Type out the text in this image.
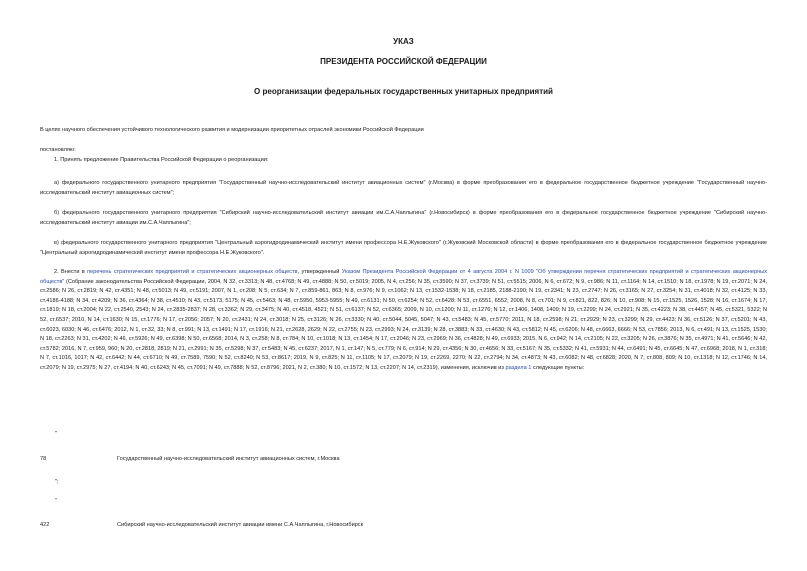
УКАЗ
ПРЕЗИДЕНТА РОССИЙСКОЙ ФЕДЕРАЦИИ
О реорганизации федеральных государственных унитарных предприятий
В целях научного обеспечения устойчивого технологического развития и модернизации приоритетных отраслей экономики Российской Федерации
постановляю:
1. Принять предложение Правительства Российской Федерации о реорганизации:
а) федерального государственного унитарного предприятия "Государственный научно-исследовательский институт авиационных систем" (г.Москва) в форме преобразования его в федеральное государственное бюджетное учреждение "Государственный научно-исследовательский институт авиационных систем";
б) федерального государственного унитарного предприятия "Сибирский научно-исследовательский институт авиации им.С.А.Чаплыгина" (г.Новосибирск) в форме преобразования его в федеральное государственное бюджетное учреждение "Сибирский научно-исследовательский институт авиации им.С.А.Чаплыгина";
в) федерального государственного унитарного предприятия "Центральный аэрогидродинамический институт имени профессора Н.Е.Жуковского" (г.Жуковский Московской области) в форме преобразования его в федеральное государственное бюджетное учреждение "Центральный аэрогидродинамический институт имени профессора Н.Е.Жуковского".
2. Внести в перечень стратегических предприятий и стратегических акционерных обществ, утвержденный Указом Президента Российской Федерации от 4 августа 2004 г. N 1009 "Об утверждении перечня стратегических предприятий и стратегических акционерных обществ" (Собрание законодательства Российской Федерации, 2004, N 32, ст.3313; N 48, ст.4768; N 49, ст.4888; N 50, ст.5019; 2005, N 4, ст.256; N 35, ст.3590; N 37, ст.3739; N 51, ст.5515; 2006, N 6, ст.672; N 9, ст.986; N 11, ст.1164; N 14, ст.1510; N 18, ст.1978; N 19, ст.2071; N 24, ст.2586; N 26, ст.2819; N 42, ст.4351; N 48, ст.5013; N 49, ст.5191; 2007, N 1, ст.208; N 5, ст.634; N 7, ст.859-861, 863; N 8, ст.976; N 9, ст.1062; N 13, ст.1532-1538; N 18, ст.2185, 2188-2190; N 19, ст.2341; N 23, ст.2747; N 26, ст.3165; N 27, ст.3254; N 31, ст.4018; N 32, ст.4125; N 33, ст.4186-4188; N 34, ст.4209; N 36, ст.4364; N 38, ст.4510; N 43, ст.5173, 5175; N 45, ст.5463; N 48, ст.5950, 5953-5955; N 49, ст.6131; N 50, ст.6254; N 52, ст.6428; N 53, ст.6551, 6552; 2008, N 8, ст.701; N 9, ст.821, 822, 826; N 10, ст.908; N 15, ст.1525, 1526, 1528; N 16, ст.1674; N 17, ст.1819; N 18, ст.2004; N 22, ст.2540, 2543; N 24, ст.2835-2837; N 28, ст.3362; N 29, ст.3475; N 40, ст.4518, 4521; N 51, ст.6137; N 52, ст.6365; 2009, N 10, ст.1200; N 11, ст.1276; N 12, ст.1406, 1408, 1409; N 19, ст.2299; N 24, ст.2921; N 35, ст.4223; N 38, ст.4457; N 45, ст.5321, 5322; N 52, ст.6537; 2010, N 14, ст.1630; N 15, ст.1776; N 17, ст.2056; 2057; N 20, ст.2431; N 24, ст.3018; N 25, ст.3126; N 26, ст.3330; N 40, ст.5044, 5045, 5047; N 43, ст.5483; N 45, ст.5770; 2011, N 18, ст.2598; N 21, ст.2929; N 23, ст.3299; N 29, ст.4423; N 36, ст.5126; N 37, ст.5201; N 43, ст.6023, 6030; N 46, ст.6476; 2012, N 1, ст.32, 33; N 8, ст.991; N 13, ст.1491; N 17, ст.1916; N 21, ст.2628, 2629; N 22, ст.2755; N 23, ст.2993; N 24, ст.3139; N 28, ст.3883; N 33, ст.4630; N 43, ст.5812; N 45, ст.6206; N 48, ст.6663, 6666; N 53, ст.7856; 2013, N 6, ст.491; N 13, ст.1525, 1530; N 18, ст.2263; N 31, ст.4202; N 46, ст.5926; N 49, ст.6398; N 50, ст.6568; 2014, N 3, ст.258; N 8, ст.784; N 10, ст.1018; N 13, ст.1454; N 17, ст.2046; N 23, ст.2969; N 36, ст.4828; N 49, ст.6933; 2015, N 6, ст.942; N 14, ст.2105; N 22, ст.3205; N 26, ст.3876; N 35, ст.4971; N 41, ст.5646; N 42, ст.5782; 2016, N 7, ст.959, 960; N 20, ст.2818, 2819; N 21, ст.2991; N 35, ст.5298; N 37, ст.5483; N 45, ст.6237; 2017, N 1, ст.147; N 5, ст.779; N 6, ст.914; N 29, ст.4356; N 30, ст.4656; N 33, ст.5167; N 35, ст.5332; N 41, ст.5931; N 44, ст.6491; N 45, ст.6645; N 47, ст.6968; 2018, N 1, ст.318; N 7, ст.1016, 1017; N 42, ст.6442; N 44, ст.6710; N 49, ст.7589, 7590; N 52, ст.8240; N 53, ст.8617; 2019, N 9, ст.825; N 11, ст.1105; N 17, ст.2079; N 19, ст.2269, 2270; N 22, ст.2794; N 34, ст.4873; N 43, ст.6082; N 48, ст.6828; 2020, N 7, ст.808, 809; N 10, ст.1318; N 12, ст.1746; N 14, ст.2079; N 19, ст.2975; N 27, ст.4194; N 40, ст.6243; N 45, ст.7091; N 49, ст.7888; N 52, ст.8796; 2021, N 2, ст.380; N 10, ст.1572; N 13, ст.2207; N 14, ст.2319), изменения, исключив из раздела 1 следующие пункты:
"
78	Государственный научно-исследовательский институт авиационных систем, г.Москва
";
"
422	Сибирский научно-исследовательский институт авиации имени С.А.Чаплыгина, г.Новосибирск
